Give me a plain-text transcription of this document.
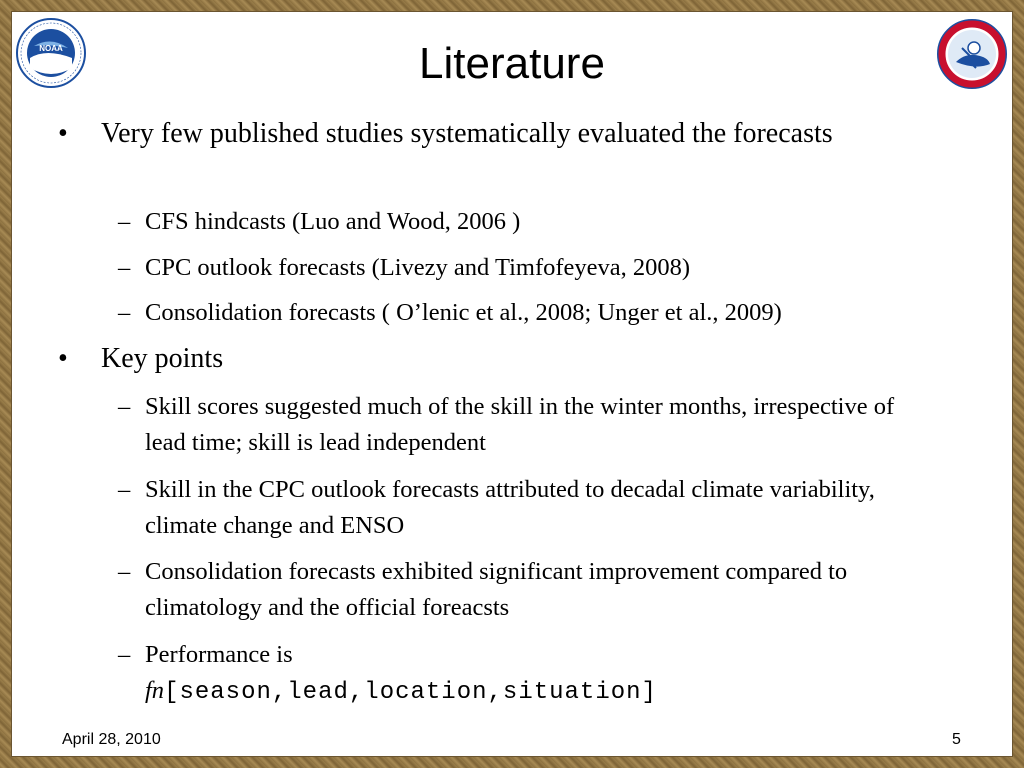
NOAA	Literature
• Very few published studies systematically evaluated the forecasts
– CFS hindcasts (Luo and Wood, 2006 )
– CPC outlook forecasts (Livezy and Timfofeyeva, 2008)
– Consolidation forecasts ( O’lenic et al., 2008; Unger et al., 2009)
• Key points
– Skill scores suggested much of the skill in the winter months, irrespective of lead time; skill is lead independent
– Skill in the CPC outlook forecasts attributed to decadal climate variability, climate change and ENSO
– Consolidation forecasts exhibited significant improvement compared to climatology and the official foreacsts
– Performance is
fn[season,lead,location,situation]
April 28, 2010	5
